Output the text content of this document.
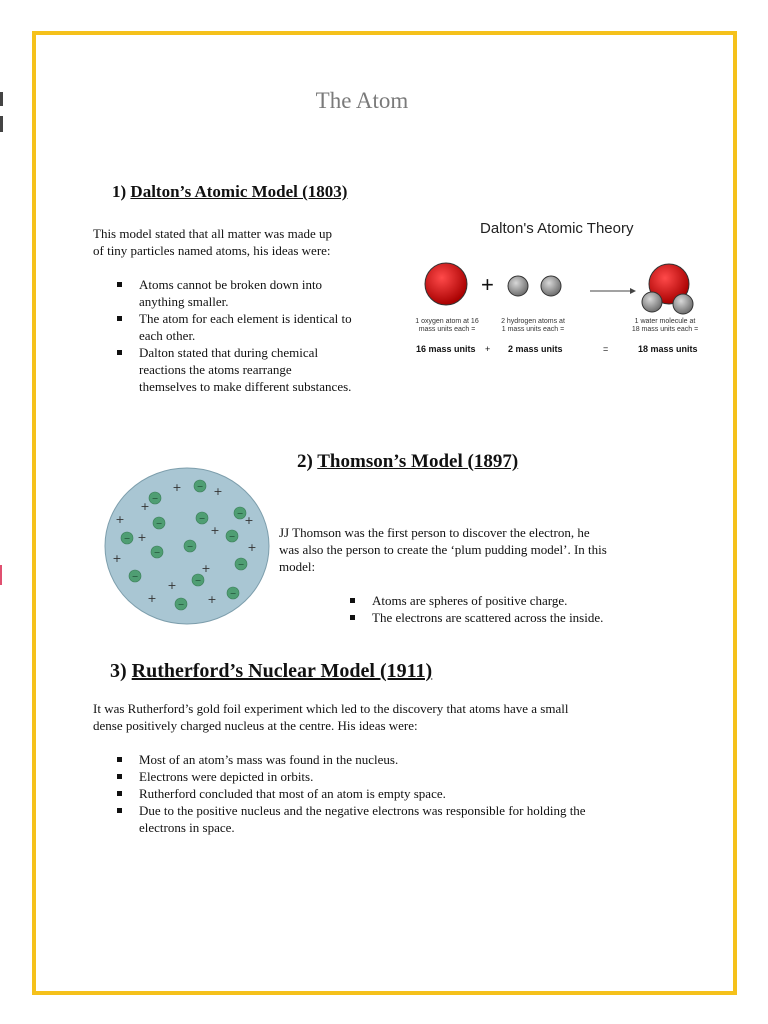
The Atom
1) Dalton’s Atomic Model (1803)
This model stated that all matter was made up
of tiny particles named atoms, his ideas were:
Atoms cannot be broken down into
anything smaller.
The atom for each element is identical to
each other.
Dalton stated that during chemical
reactions the atoms rearrange
themselves to make different substances.
Dalton's Atomic Theory
+
1 oxygen atom at 16
mass units each =
2 hydrogen atoms at
1 mass units each =
1 water molecule at
18 mass units each =
16 mass units + 2 mass units	=	18 mass units
−
−
−
−
−
−
−
−
−
−
−
−
−
−
+	+
+
+
+
+
+
+
+
+
+
+	+
2) Thomson’s Model (1897)
JJ Thomson was the first person to discover the electron, he
was also the person to create the ‘plum pudding model’. In this
model:
Atoms are spheres of positive charge.
The electrons are scattered across the inside.
3) Rutherford’s Nuclear Model (1911)
It was Rutherford’s gold foil experiment which led to the discovery that atoms have a small
dense positively charged nucleus at the centre. His ideas were:
Most of an atom’s mass was found in the nucleus.
Electrons were depicted in orbits.
Rutherford concluded that most of an atom is empty space.
Due to the positive nucleus and the negative electrons was responsible for holding the
electrons in space.
